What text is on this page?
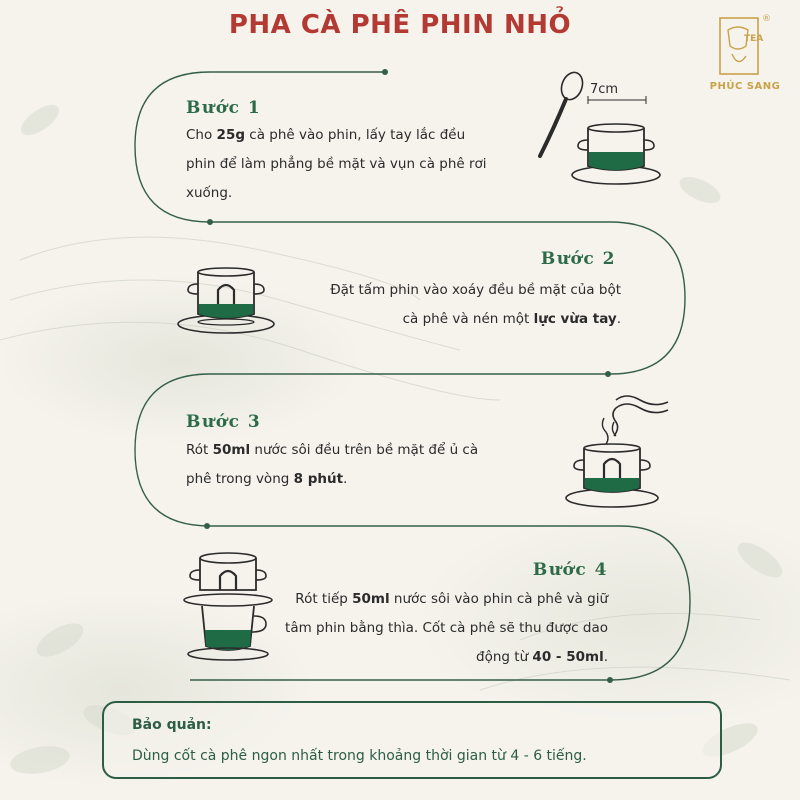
PHA CÀ PHÊ PHIN NHỎ	TEA
®
PHÚC SANG
Bước 1
Cho 25g cà phê vào phin, lấy tay lắc đều phin để làm phẳng bề mặt và vụn cà phê rơi xuống.
7cm
Bước 2
Đặt tấm phin vào xoáy đều bề mặt của bột cà phê và nén một lực vừa tay.
Bước 3
Rót 50ml nước sôi đều trên bề mặt để ủ cà phê trong vòng 8 phút.
Bước 4
Rót tiếp 50ml nước sôi vào phin cà phê và giữ tâm phin bằng thìa. Cốt cà phê sẽ thu được dao động từ 40 - 50ml.
Bảo quản:
Dùng cốt cà phê ngon nhất trong khoảng thời gian từ 4 - 6 tiếng.
